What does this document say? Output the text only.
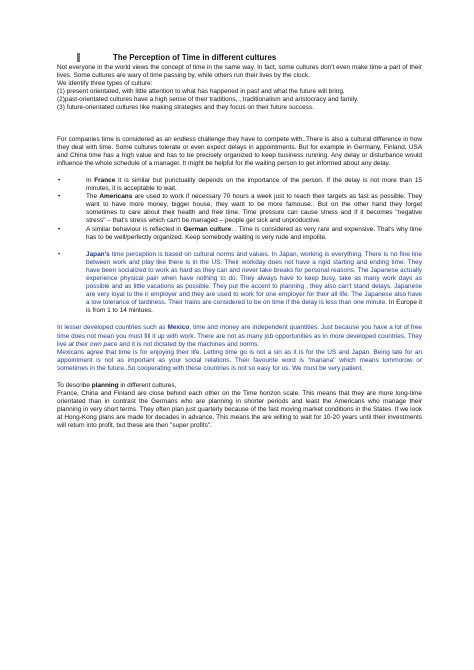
The Perception of Time in different cultures

Not everyone in the world views the concept of time in the same way. In fact, some cultures don't even make time a part of their lives. Some cultures are wary of time passing by, while others run their lives by the clock.

We identify three types of culture:

(1) present orientated, with little attention to what has happened in past and what the future will bring.

(2)past-orientated cultures have a high sense of their traditions, , traditionalism and aristocracy and family.

(3) future-orientated cultures like making strategies and they focus on their future success.

For companies time is considered as an endless challenge they have to compete with..There is also a cultural difference in how they deal with time. Some cultures tolerate or even expect delays in appointments. But for example in Germany, Finland, USA and China time has a high value and has to be precisely organized to keep business running. Any delay or disturbance would influence the whole schedule of a manager. It might be helpful for the waiting person to get informed about any delay.

•	In France it is similar but punctuality depends on the importance of the person. If the delay is not more than 15 minutes, it is acceptable to wait.

•	The Americans are used to work if necessary 70 hours a week just to reach their targets as fast as possible. They want to have more money, bigger house, they want to be more famouse.. But on the other hand they forget sometimes to care about their health and free time. Time pressure can cause stress and if it becomes "negative stress" – that's stress which can't be managed – people get sick and unproductive.

•	A similar behaviour is reflected in German culture. . Time is considered as very rare and expensive. That's why time has to be well/perfectly organized. Keep somebody waiting is very rude and impolite.

•	Japan's time perception is based on cultural norms and values. In Japan, working is everything. There is no fine line between work and play like there is in the US. Their workday does not have a rigid starting and ending time. They have been socialized to work as hard as they can and never take breaks for personal reasons. The Japanese actually experience physical pain when have nothing to do. They always have to keep busy, take as many work days as possible and as little vacations as possible. They put the accent to planning , they also can't stand delays. Japanese are very loyal to the ir employer and they are used to work for one employer for their all life. The Japanese also have a low tolerance of tardiness. Their trains are considered to be on time if the delay is less than one minute. In Europe it is from 1 to 14 mintues.

In lesser developed countries such as Mexico, time and money are independent quantities. Just because you have a lot of free time does not mean you must fill it up with work. There are not as many job opportunities as in more developed countries, They live at their own pace and it is not dictated by the machines and norms.

Mexicans agree that time is for enjoying their life. Letting time go is not a sin as it is for the US and Japan. Being late for an appointment is not as important as your social relations. Their favourite word is "manana" which means tommorow or sometimes in the future..So cooperating with these countries is not so easy for us. We must be very patient.

To describe planning in different cultures,

France, China and Finland are close behind each other on the Time horizon scale. This means that they are more long-time orientated than in contrast the Germans who are planning in shorter periods and least the Americans who manage their planning in very short terms. They often plan just quarterly because of the fast moving market conditions in the States. If we look at Hong-Kong plans are made for decades in advance. This means the are willing to wait for 10-20 years until their investments will return into profit, but these are then "super profits".
